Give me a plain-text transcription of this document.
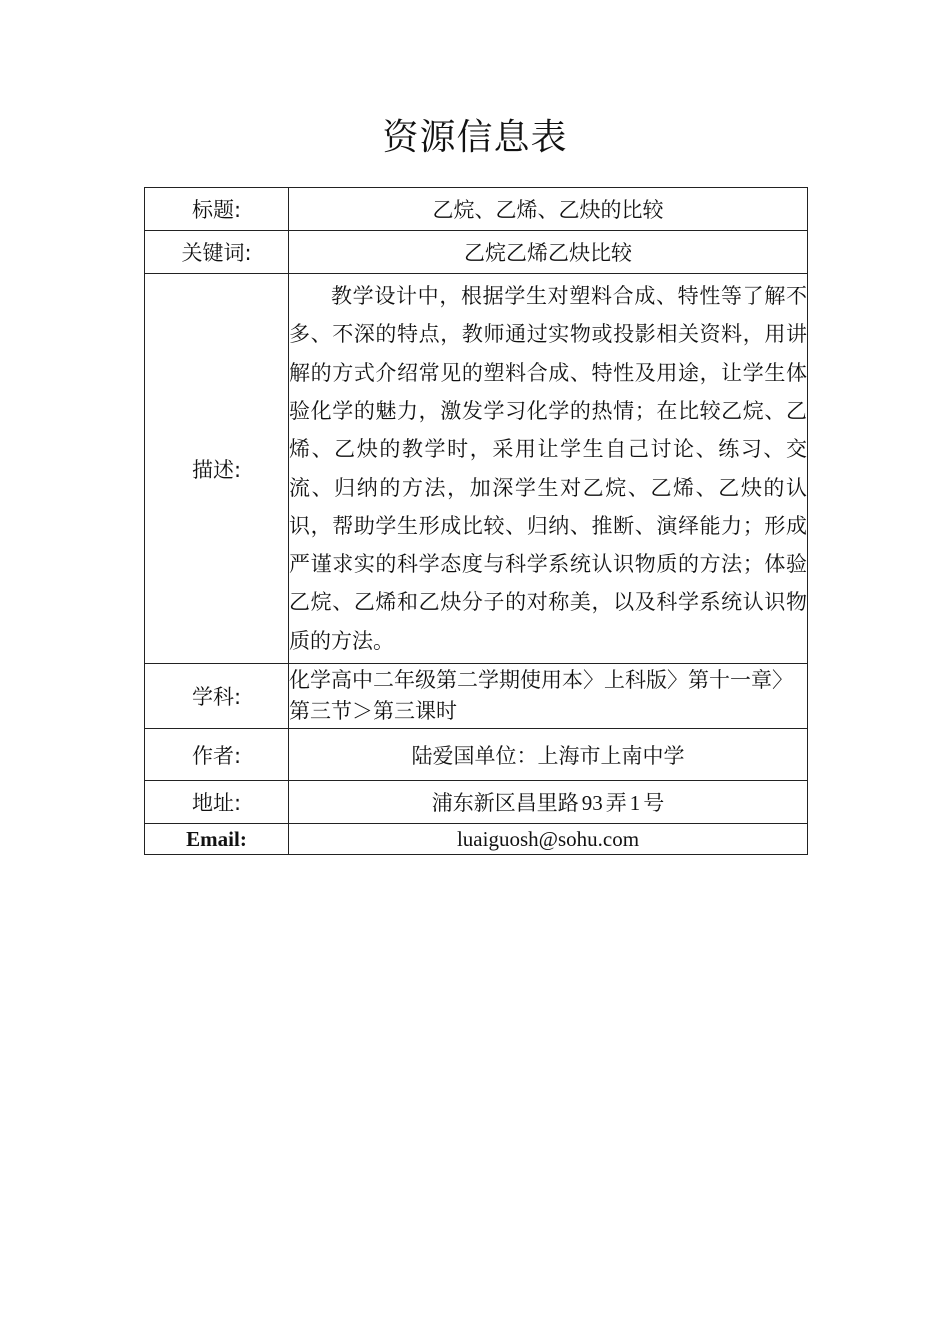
资源信息表
标题:	乙烷、乙烯、乙炔的比较
关键词:	乙烷乙烯乙炔比较
描述:	教学设计中，根据学生对塑料合成、特性等了解不多、不深的特点，教师通过实物或投影相关资料，用讲解的方式介绍常见的塑料合成、特性及用途，让学生体验化学的魅力，激发学习化学的热情；在比较乙烷、乙烯、乙炔的教学时，采用让学生自己讨论、练习、交流、归纳的方法，加深学生对乙烷、乙烯、乙炔的认识，帮助学生形成比较、归纳、推断、演绎能力；形成严谨求实的科学态度与科学系统认识物质的方法；体验乙烷、乙烯和乙炔分子的对称美，以及科学系统认识物质的方法。
学科:	化学高中二年级第二学期使用本〉上科版〉第十一章〉第三节＞第三课时
作者:	陆爱国单位：上海市上南中学
地址:	浦东新区昌里路 93 弄 1 号
Email:	luaiguosh@sohu.com
